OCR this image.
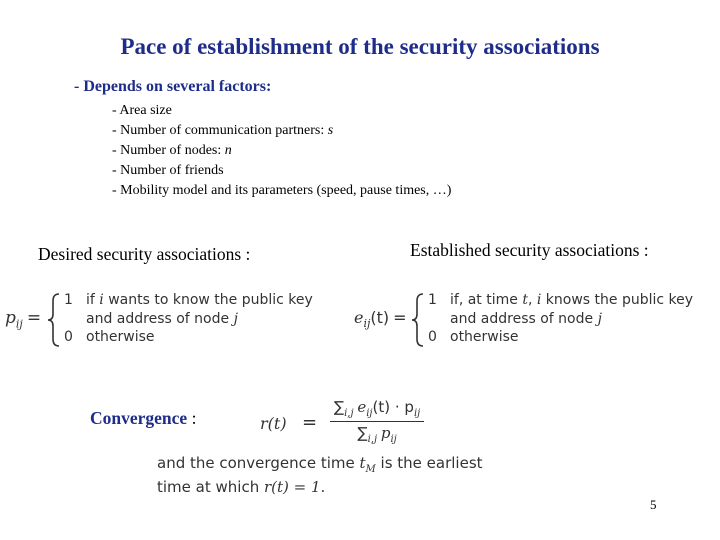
Pace of establishment of the security associations
- Depends on several factors:
- Area size
- Number of communication partners: s
- Number of nodes: n
- Number of friends
- Mobility model and its parameters (speed, pause times, …)
Desired security associations :	Established security associations :
$p_{ij}$ =
1 if i wants to know the public key
and address of node j
0 otherwise
$e_{ij}(t)$ =
1 if, at time t, i knows the public key
and address of node j
0 otherwise
Convergence :	$r(t) = \frac{\sum_{i,j} e_{ij}(t) \cdot p_{ij}}{\sum_{i,j} p_{ij}}$
and the convergence time $t_M$ is the earliest
time at which r(t) = 1.
5
